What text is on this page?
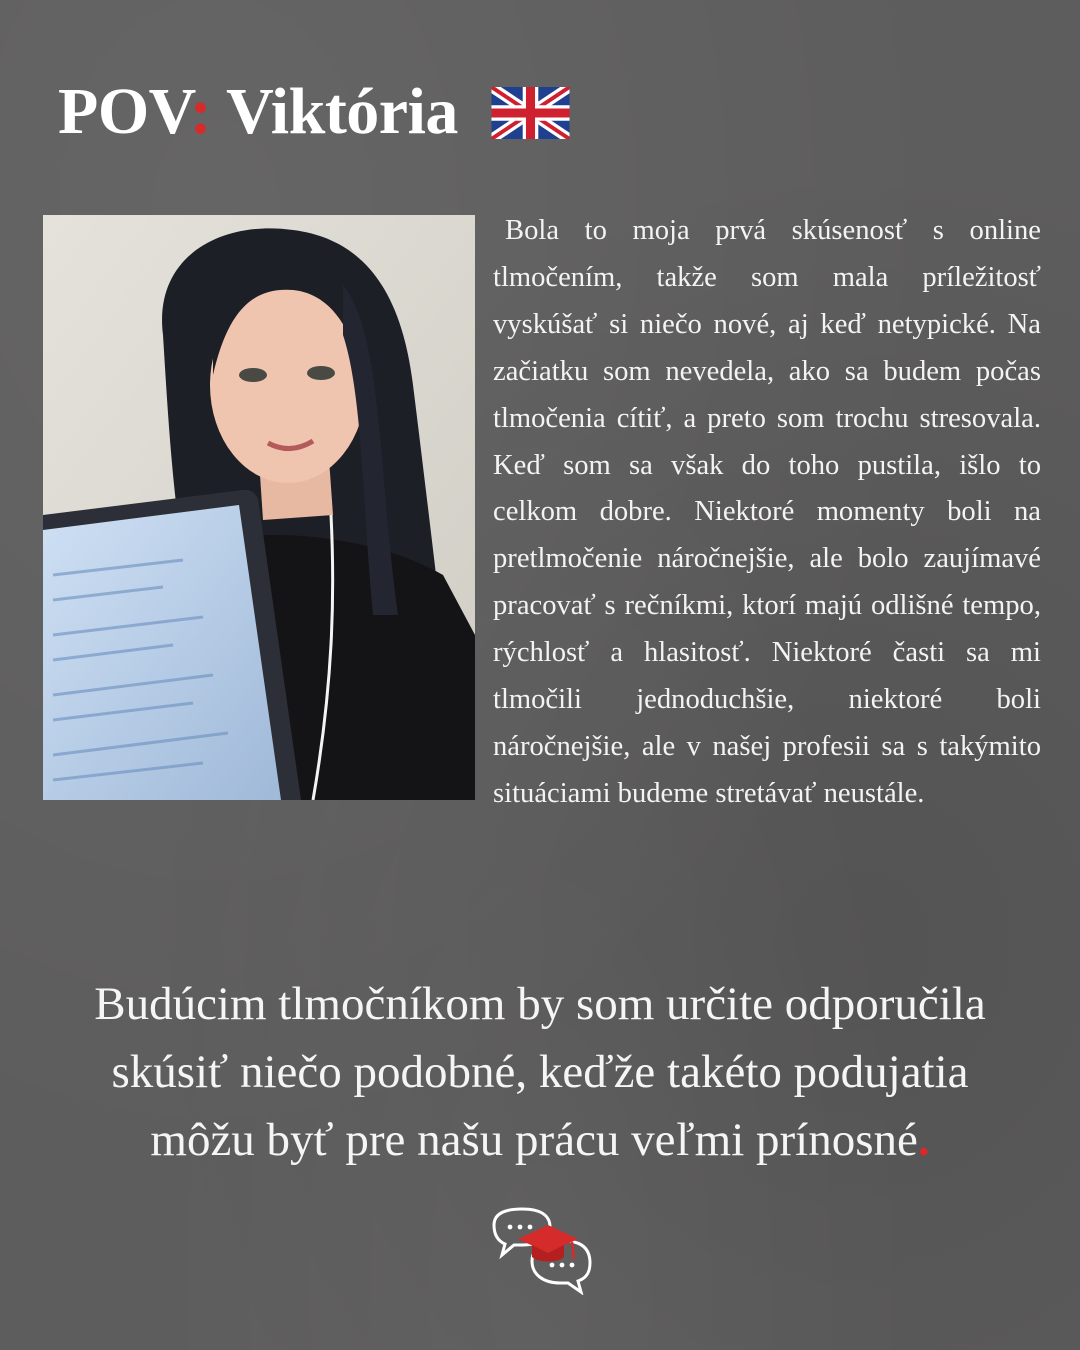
POV: Viktória

Bola to moja prvá skúsenosť s online tlmočením, takže som mala príležitosť vyskúšať si niečo nové, aj keď netypické. Na začiatku som nevedela, ako sa budem počas tlmočenia cítiť, a preto som trochu stresovala. Keď som sa však do toho pustila, išlo to celkom dobre. Niektoré momenty boli na pretlmočenie náročnejšie, ale bolo zaujímavé pracovať s rečníkmi, ktorí majú odlišné tempo, rýchlosť a hlasitosť. Niektoré časti sa mi tlmočili jednoduchšie, niektoré boli náročnejšie, ale v našej profesii sa s takýmito situáciami budeme stretávať neustále.

Budúcim tlmočníkom by som určite odporučila
skúsiť niečo podobné, keďže takéto podujatia
môžu byť pre našu prácu veľmi prínosné.
